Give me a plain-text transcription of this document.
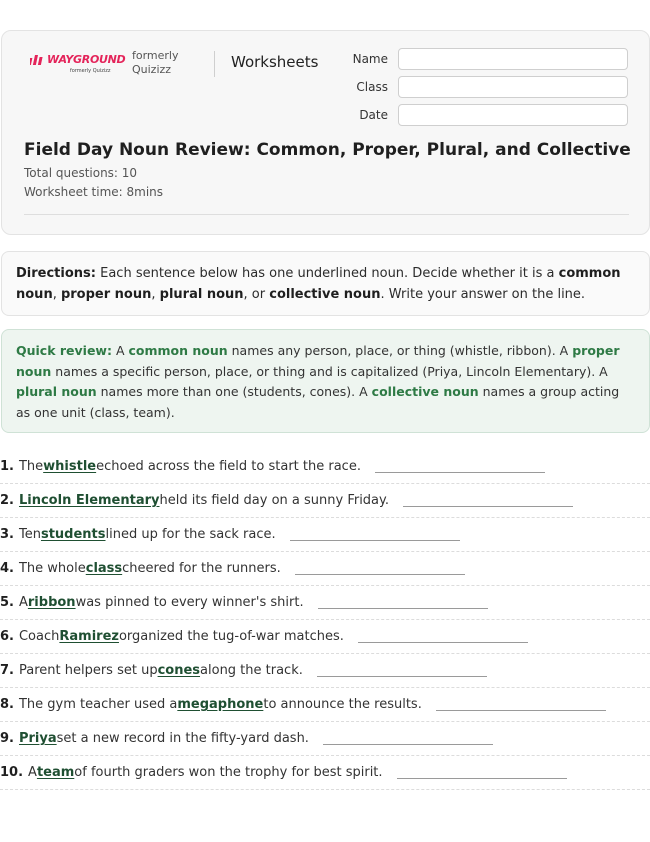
WAYGROUND
formerly Quizizz
formerly
Quizizz	Worksheets	Name
Class
Date
Field Day Noun Review: Common, Proper, Plural, and Collective
Total questions: 10
Worksheet time: 8mins
Directions: Each sentence below has one underlined noun. Decide whether it is a common noun, proper noun, plural noun, or collective noun. Write your answer on the line.
Quick review: A common noun names any person, place, or thing (whistle, ribbon). A proper noun names a specific person, place, or thing and is capitalized (Priya, Lincoln Elementary). A plural noun names more than one (students, cones). A collective noun names a group acting as one unit (class, team).
1. The whistle echoed across the field to start the race.
2. Lincoln Elementary held its field day on a sunny Friday.
3. Ten students lined up for the sack race.
4. The whole class cheered for the runners.
5. A ribbon was pinned to every winner's shirt.
6. Coach Ramirez organized the tug-of-war matches.
7. Parent helpers set up cones along the track.
8. The gym teacher used a megaphone to announce the results.
9. Priya set a new record in the fifty-yard dash.
10. A team of fourth graders won the trophy for best spirit.
